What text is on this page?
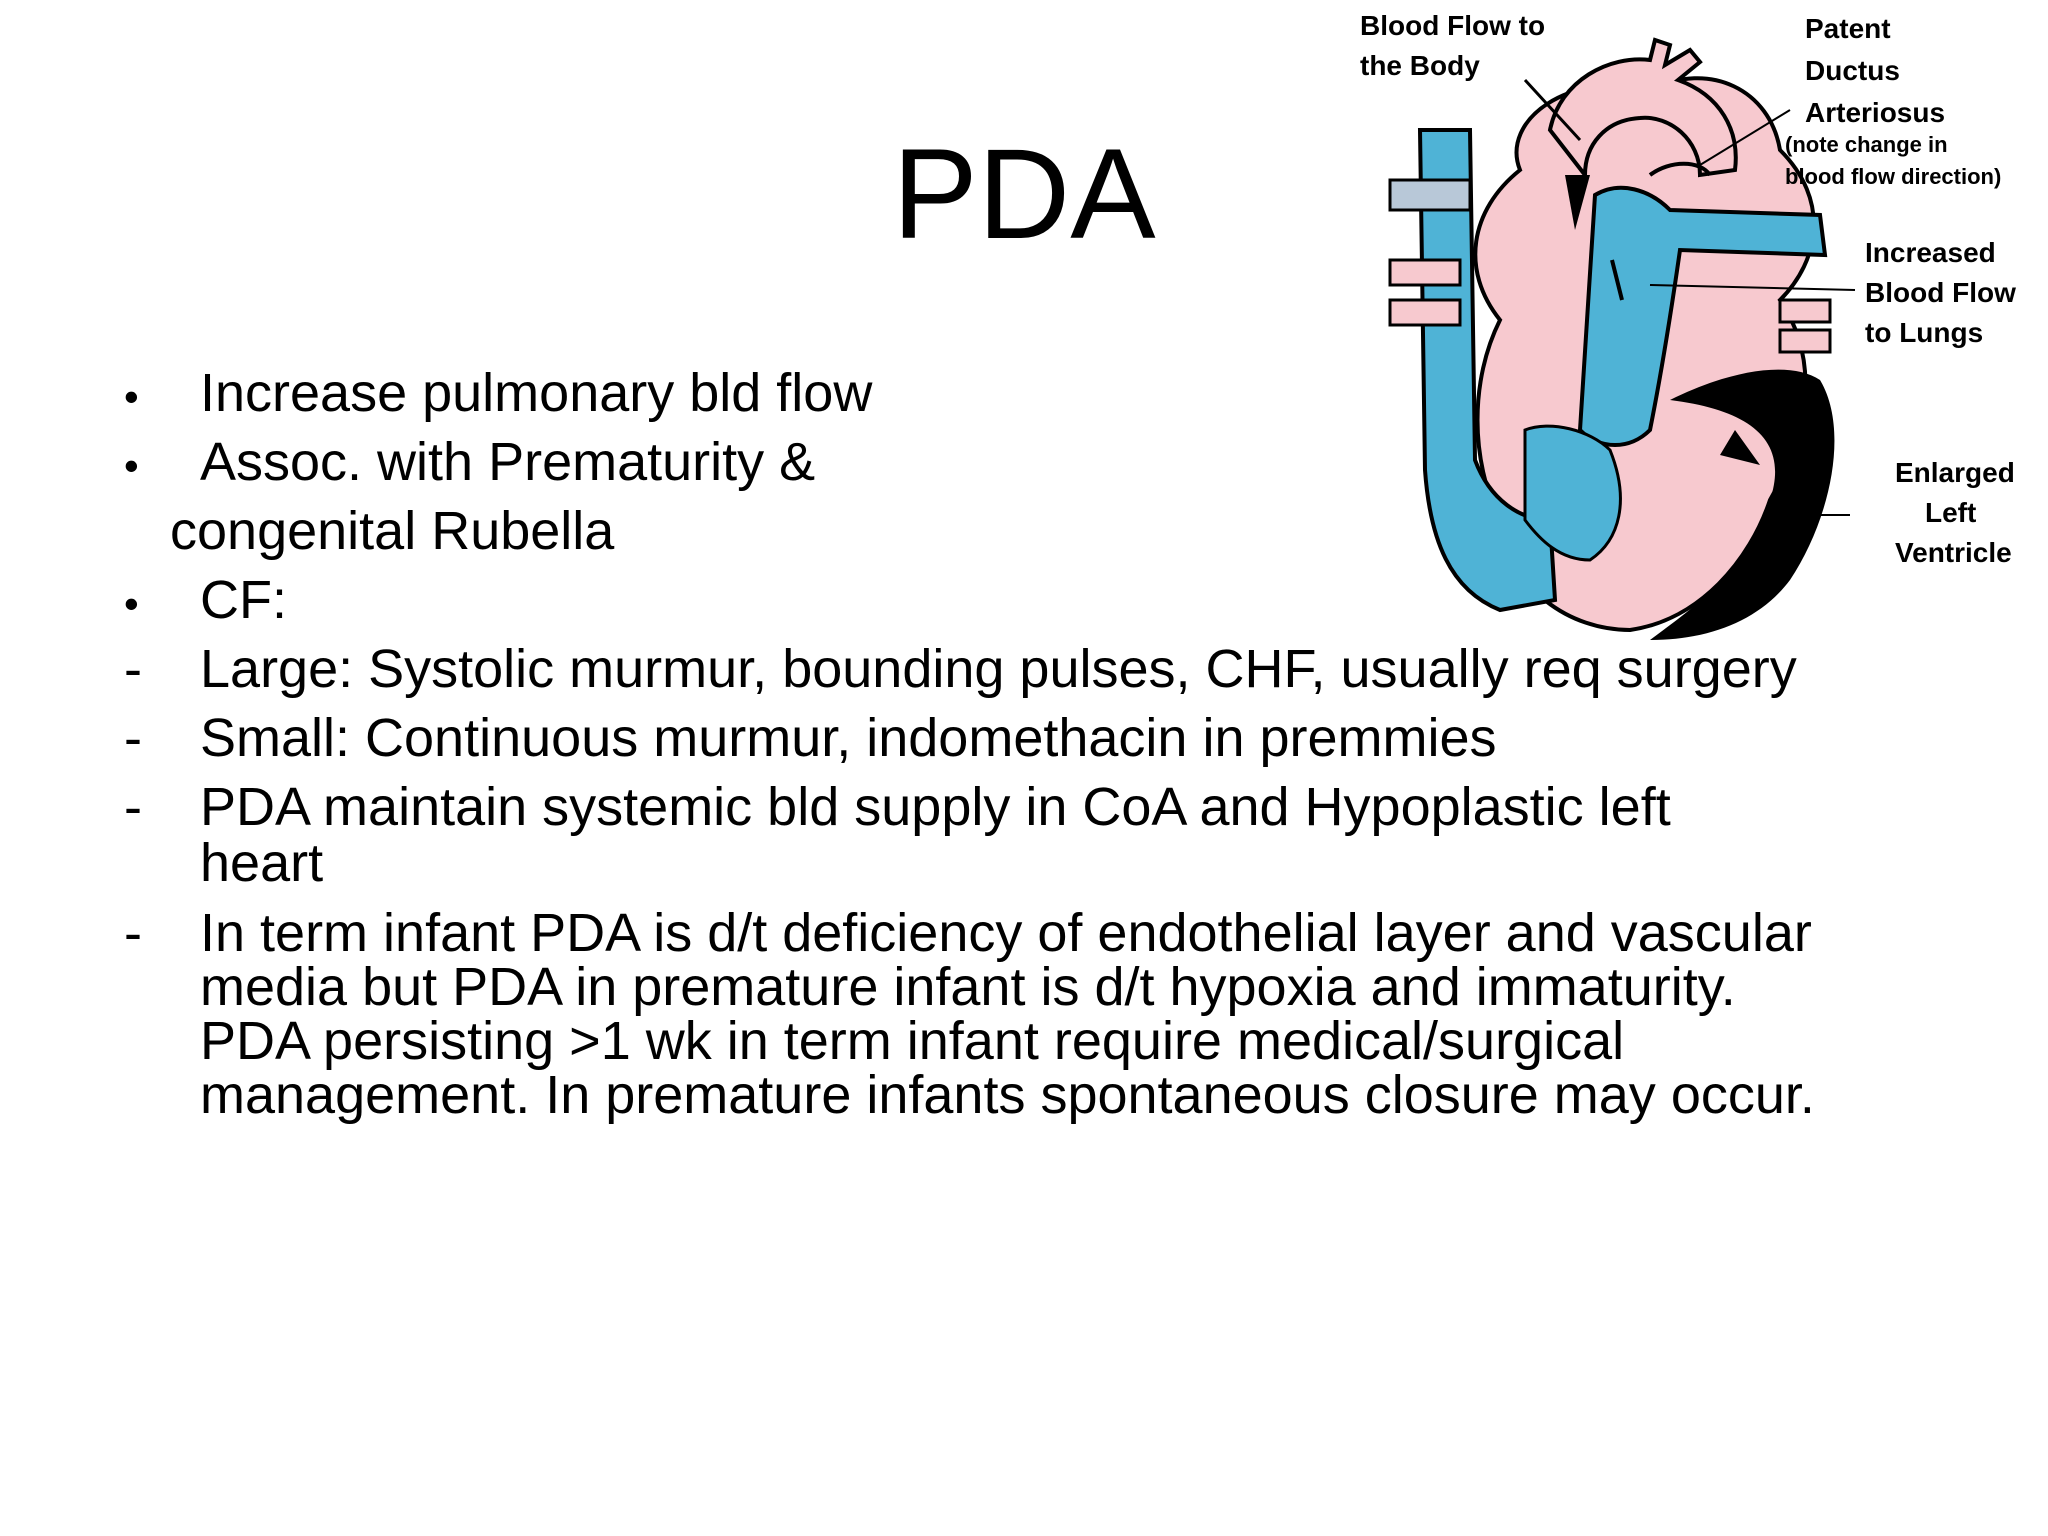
PDA
•	Increase pulmonary bld flow
•	Assoc. with Prematurity &
congenital Rubella
•	CF:
-	Large: Systolic murmur, bounding pulses, CHF, usually req surgery
-	Small: Continuous murmur, indomethacin in premmies
-	PDA maintain systemic bld supply in CoA and Hypoplastic left
heart
-	In term infant PDA is d/t deficiency of endothelial layer and vascular
media but PDA in premature infant is d/t hypoxia and immaturity.
PDA persisting >1 wk in term infant require medical/surgical
management. In premature infants spontaneous closure may occur.
Blood Flow to
the Body
Patent
Ductus
Arteriosus
(note change in
blood flow direction)
Increased
Blood Flow
to Lungs
Enlarged
Left
Ventricle
